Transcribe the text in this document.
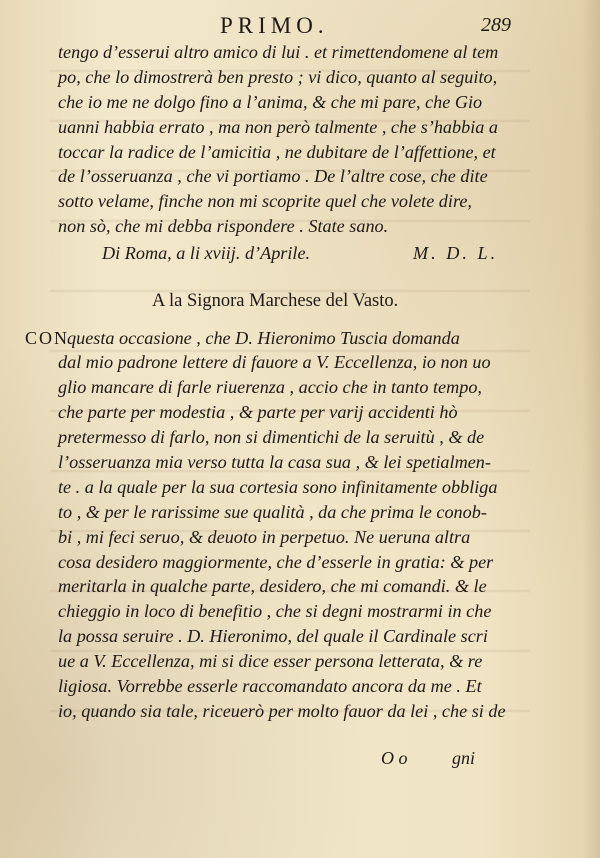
PRIMO.	289
tengo d’esserui altro amico di lui . et rimettendomene al tem
po, che lo dimostrerà ben presto ; vi dico, quanto al seguito,
che io me ne dolgo fino a l’anima, & che mi pare, che Gio
uanni habbia errato , ma non però talmente , che s’habbia a
toccar la radice de l’amicitia , ne dubitare de l’affettione, et
de l’osseruanza , che vi portiamo . De l’altre cose, che dite
sotto velame, finche non mi scoprite quel che volete dire,
non sò, che mi debba rispondere . State sano.
Di Roma, a li xviij. d’Aprile.	M. D. L.
A la Signora Marchese del Vasto.
CONquesta occasione , che D. Hieronimo Tuscia domanda
dal mio padrone lettere di fauore a V. Eccellenza, io non uo
glio mancare di farle riuerenza , accio che in tanto tempo,
che parte per modestia , & parte per varij accidenti hò
pretermesso di farlo, non si dimentichi de la seruitù , & de
l’osseruanza mia verso tutta la casa sua , & lei spetialmen-
te . a la quale per la sua cortesia sono infinitamente obbliga
to , & per le rarissime sue qualità , da che prima le conob-
bi , mi feci seruo, & deuoto in perpetuo. Ne ueruna altra
cosa desidero maggiormente, che d’esserle in gratia: & per
meritarla in qualche parte, desidero, che mi comandi. & le
chieggio in loco di benefitio , che si degni mostrarmi in che
la possa seruire . D. Hieronimo, del quale il Cardinale scri
ue a V. Eccellenza, mi si dice esser persona letterata, & re
ligiosa. Vorrebbe esserle raccomandato ancora da me . Et
io, quando sia tale, riceuerò per molto fauor da lei , che si de
O o gni
